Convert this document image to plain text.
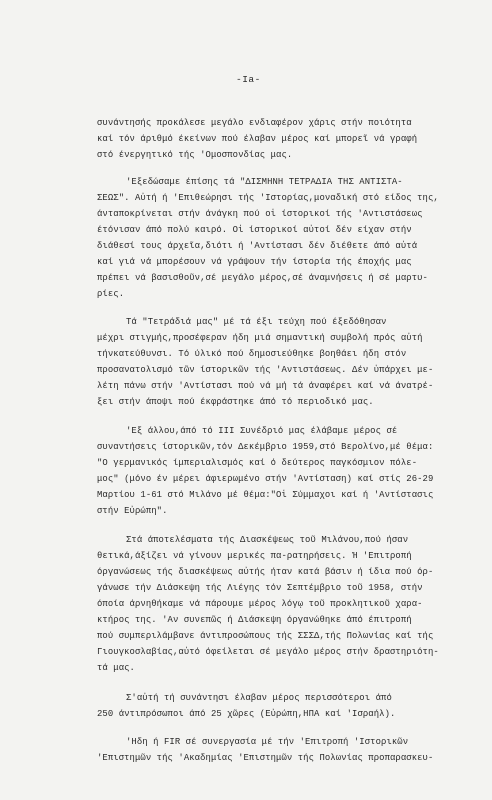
-Ia-
συνάντησής προκάλεσε μεγάλο ενδιαφέρον χάρις στήν ποιότητα
καί τόν άριθμό έκείνων πού έλαβαν μέρος καί μπορεῖ νά γραφή
στό ένεργητικό τής 'Ομοσπονδίας μας.
'Εξεδώσαμε έπίσης τά "ΔΙΣΜΗΝΗ ΤΕΤΡΑΔΙΑ ΤΗΣ ΑΝΤΙΣΤΑ-
ΣΕΩΣ". Αὐτή ή 'Επιθεώρησι τής 'Ιστορίας,μοναδική στό είδος της,
άνταποκρίνεται στήν άνάγκη πού οἱ ίστορικοί τής 'Αντιστάσεως
έτόνισαν άπό πολύ καιρό. Οἱ ίστορικοί αὐτοί δέν είχαν στήν
διάθεσί τους άρχεῖα,διότι ή 'Αντίστασι δέν διέθετε άπό αὐτά
καί γιά νά μπορέσουν νά γράψουν τήν ίστορία τής έποχής μας
πρέπει νά βασισθοῦν,σέ μεγάλο μέρος,σέ άναμνήσεις ή σέ μαρτυ-
ρίες.
Τά "Τετράδιά μας" μέ τά έξι τεύχη πού έξεδόθησαν
μέχρι στιγμής,προσέφεραν ήδη μιά σημαντική συμβολή πρός αὐτή
τήνκατεύθυνσι. Τό ύλικό πού δημοσιεύθηκε βοηθάει ήδη στόν
προσανατολισμό τῶν ίστορικῶν τής 'Αντιστάσεως. Δέν ὑπάρχει με-
λέτη πάνω στήν 'Αντίστασι πού νά μή τά άναφέρει καί νά άνατρέ-
ξει στήν άποψι πού έκφράστηκε άπό τό περιοδικό μας.
'Εξ άλλου,άπό τό III Συνέδριό μας έλάβαμε μέρος σέ
συναντήσεις ίστορικῶν,τόν Δεκέμβριο 1959,στό Βερολίνο,μέ θέμα:
"Ο γερμανικός ίμπεριαλισμός καί ό δεύτερος παγκόσμιον πόλε-
μος" (μόνο έν μέρει άφιερωμένο στήν 'Αντίσταση) καί στίς 26-29
Μαρτίου 1-61 στό Μιλάνο μέ θέμα:"Οἱ Σύμμαχοι καί ή 'Αντίστασις
στήν Εὐρώπη".
Στά άποτελέσματα τής Διασκέψεως τοῦ Μιλάνου,πού ήσαν
θετικά,άξίζει νά γίνουν μερικές πα-ρατηρήσεις. Ή 'Επιτροπή
όργανώσεως τής διασκέψεως αὐτής ήταν κατά βάσιν ή ίδια πού όρ-
γάνωσε τήν Διάσκεψη τής Λιέγης τόν Σεπτέμβριο τοῦ 1958, στήν
όποία άρνηθήκαμε νά πάρουμε μέρος λόγῳ τοῦ προκλητικοῦ χαρα-
κτήρος της. 'Αν συνεπῶς ή Διάσκεψη όργανώθηκε άπό έπιτροπή
πού συμπεριλάμβανε άντιπροσώπους τής ΣΣΣΔ,τής Πολωνίας καί τής
Γιουγκοσλαβίας,αὐτό όφείλεται σέ μεγάλο μέρος στήν δραστηριότη-
τά μας.
Σ'αὐτή τή συνάντησι έλαβαν μέρος περισσότεροι άπό
250 άντιπρόσωποι άπό 25 χῶρες (Εὐρώπη,ΗΠΑ καί 'Ισραήλ).
'Ηδη ή FIR σέ συνεργασία μέ τήν 'Επιτροπή 'Ιστορικῶν
'Επιστημῶν τής 'Ακαδημίας 'Επιστημῶν τής Πολωνίας προπαρασκευ-
